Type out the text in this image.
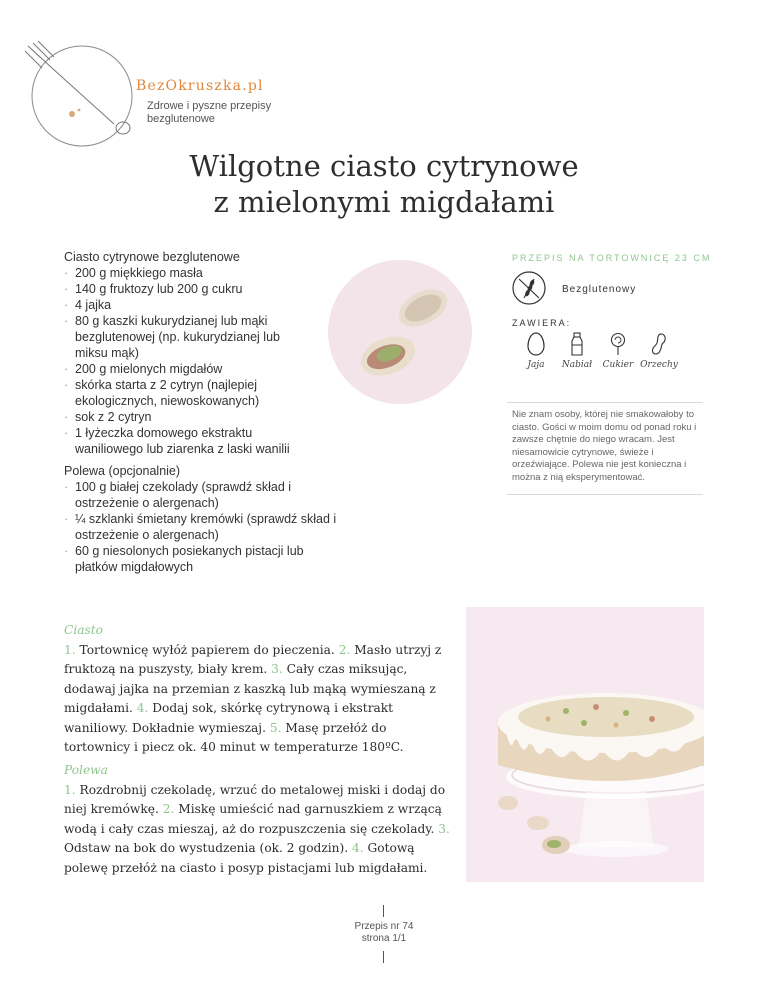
BezOkruszka.pl
Zdrowe i pyszne przepisy bezglutenowe
Wilgotne ciasto cytrynowe
z mielonymi migdałami

Ciasto cytrynowe bezglutenowe

· 200 g miękkiego masła
· 140 g fruktozy lub 200 g cukru
· 4 jajka
· 80 g kaszki kukurydzianej lub mąki bezglutenowej (np. kukurydzianej lub miksu mąk)
· 200 g mielonych migdałów
· skórka starta z 2 cytryn (najlepiej ekologicznych, niewoskowanych)
· sok z 2 cytryn
· 1 łyżeczka domowego ekstraktu waniliowego lub ziarenka z laski wanilii

Polewa (opcjonalnie)

· 100 g białej czekolady (sprawdź skład i ostrzeżenie o alergenach)
· ¼ szklanki śmietany kremówki (sprawdź skład i ostrzeżenie o alergenach)
· 60 g niesolonych posiekanych pistacji lub płatków migdałowych
PRZEPIS NA TORTOWNICĘ 23 CM
Bezglutenowy
ZAWIERA:
Jaja	Nabiał	Cukier Orzechy
Nie znam osoby, której nie smakowałoby to ciasto. Gości w moim domu od ponad roku i zawsze chętnie do niego wracam. Jest niesamowicie cytrynowe, świeże i orzeźwiające. Polewa nie jest konieczna i można z nią eksperymentować.
Ciasto
1. Tortownicę wyłóż papierem do pieczenia. 2. Masło utrzyj z fruktozą na puszysty, biały krem. 3. Cały czas miksując, dodawaj jajka na przemian z kaszką lub mąką wymieszaną z migdałami. 4. Dodaj sok, skórkę cytrynową i ekstrakt waniliowy. Dokładnie wymieszaj. 5. Masę przełóż do tortownicy i piecz ok. 40 minut w temperaturze 180ºC.
Polewa
1. Rozdrobnij czekoladę, wrzuć do metalowej miski i dodaj do niej kremówkę. 2. Miskę umieścić nad garnuszkiem z wrzącą wodą i cały czas mieszaj, aż do rozpuszczenia się czekolady. 3. Odstaw na bok do wystudzenia (ok. 2 godzin). 4. Gotową polewę przełóż na ciasto i posyp pistacjami lub migdałami.
Przepis nr 74
strona 1/1
